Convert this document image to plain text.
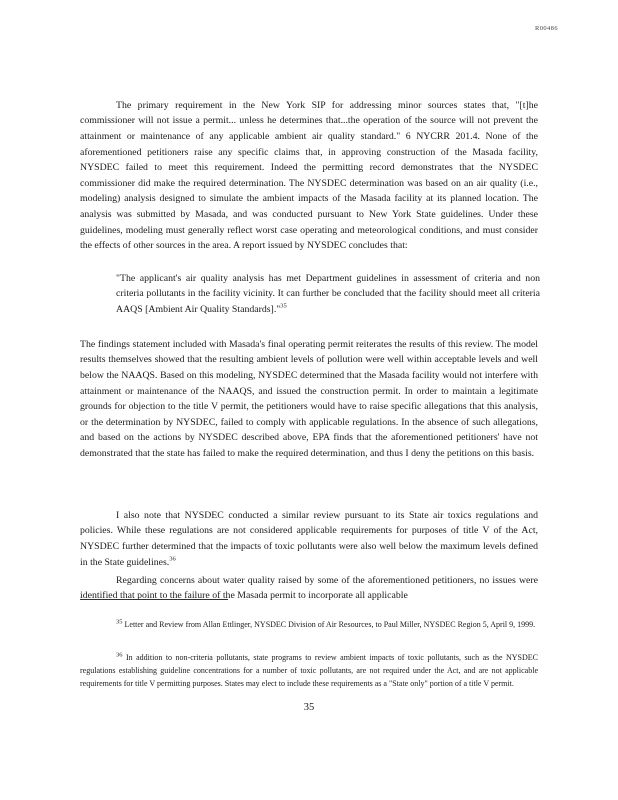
R00486

The primary requirement in the New York SIP for addressing minor sources states that, "[t]he commissioner will not issue a permit... unless he determines that...the operation of the source will not prevent the attainment or maintenance of any applicable ambient air quality standard." 6 NYCRR 201.4. None of the aforementioned petitioners raise any specific claims that, in approving construction of the Masada facility, NYSDEC failed to meet this requirement. Indeed the permitting record demonstrates that the NYSDEC commissioner did make the required determination. The NYSDEC determination was based on an air quality (i.e., modeling) analysis designed to simulate the ambient impacts of the Masada facility at its planned location. The analysis was submitted by Masada, and was conducted pursuant to New York State guidelines. Under these guidelines, modeling must generally reflect worst case operating and meteorological conditions, and must consider the effects of other sources in the area. A report issued by NYSDEC concludes that:

"The applicant's air quality analysis has met Department guidelines in assessment of criteria and non criteria pollutants in the facility vicinity. It can further be concluded that the facility should meet all criteria AAQS [Ambient Air Quality Standards]."$^{35}$

The findings statement included with Masada's final operating permit reiterates the results of this review. The model results themselves showed that the resulting ambient levels of pollution were well within acceptable levels and well below the NAAQS. Based on this modeling, NYSDEC determined that the Masada facility would not interfere with attainment or maintenance of the NAAQS, and issued the construction permit. In order to maintain a legitimate grounds for objection to the title V permit, the petitioners would have to raise specific allegations that this analysis, or the determination by NYSDEC, failed to comply with applicable regulations. In the absence of such allegations, and based on the actions by NYSDEC described above, EPA finds that the aforementioned petitioners' have not demonstrated that the state has failed to make the required determination, and thus I deny the petitions on this basis.

I also note that NYSDEC conducted a similar review pursuant to its State air toxics regulations and policies. While these regulations are not considered applicable requirements for purposes of title V of the Act, NYSDEC further determined that the impacts of toxic pollutants were also well below the maximum levels defined in the State guidelines.$^{36}$

Regarding concerns about water quality raised by some of the aforementioned petitioners, no issues were identified that point to the failure of the Masada permit to incorporate all applicable

$^{35}$ Letter and Review from Allan Ettlinger, NYSDEC Division of Air Resources, to Paul Miller, NYSDEC Region 5, April 9, 1999.

$^{36}$ In addition to non-criteria pollutants, state programs to review ambient impacts of toxic pollutants, such as the NYSDEC regulations establishing guideline concentrations for a number of toxic pollutants, are not required under the Act, and are not applicable requirements for title V permitting purposes. States may elect to include these requirements as a "State only" portion of a title V permit.

35
